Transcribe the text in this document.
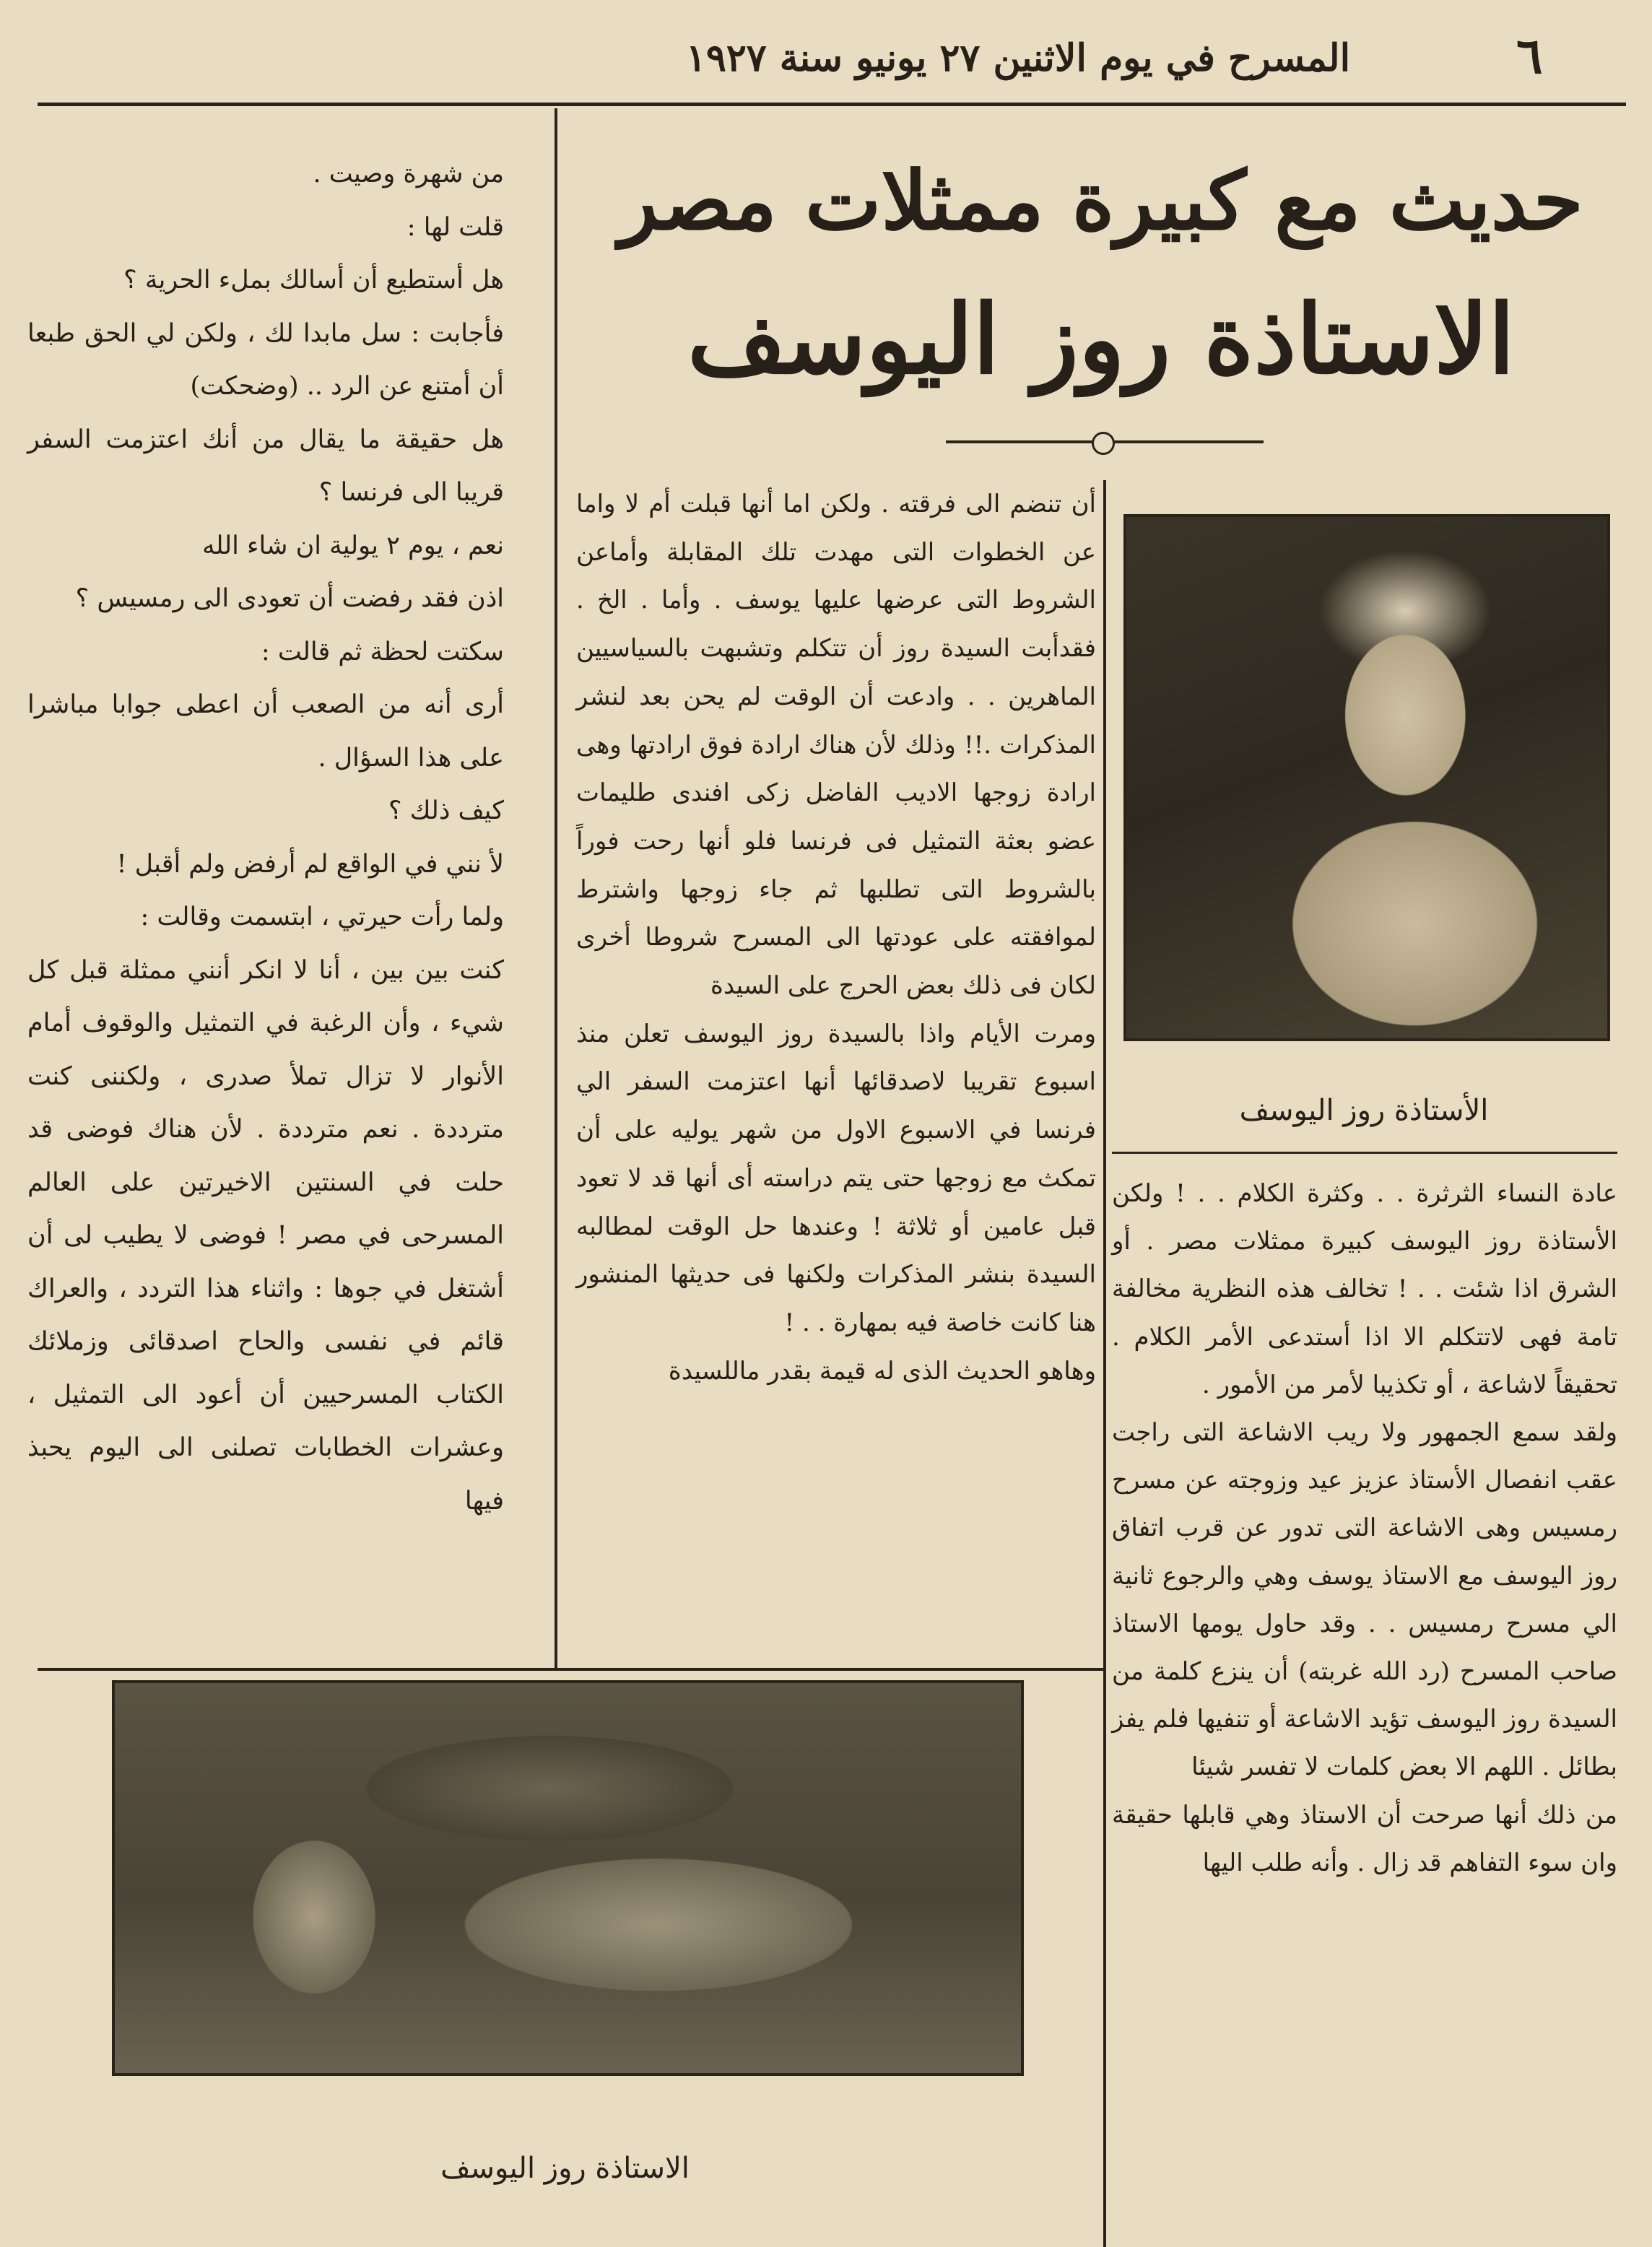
٦
المسرح في يوم الاثنين ٢٧ يونيو سنة ١٩٢٧
حديث مع كبيرة ممثلات مصر
الاستاذة روز اليوسف
الأستاذة روز اليوسف

من شهرة وصيت .

قلت لها :

هل أستطيع أن أسالك بملء الحرية ؟

فأجابت : سل مابدا لك ، ولكن لي الحق طبعا أن أمتنع عن الرد .. (وضحكت)

هل حقيقة ما يقال من أنك اعتزمت السفر قريبا الى فرنسا ؟

نعم ، يوم ٢ يولية ان شاء الله

اذن فقد رفضت أن تعودى الى رمسيس ؟

سكتت لحظة ثم قالت :

أرى أنه من الصعب أن اعطى جوابا مباشرا على هذا السؤال .

كيف ذلك ؟

لأ نني في الواقع لم أرفض ولم أقبل !

ولما رأت حيرتي ، ابتسمت وقالت :

كنت بين بين ، أنا لا انكر أنني ممثلة قبل كل شيء ، وأن الرغبة في التمثيل والوقوف أمام الأنوار لا تزال تملأ صدرى ، ولكننى كنت مترددة . نعم مترددة . لأن هناك فوضى قد حلت في السنتين الاخيرتين على العالم المسرحى في مصر ! فوضى لا يطيب لى أن أشتغل في جوها : واثناء هذا التردد ، والعراك قائم في نفسى والحاح اصدقائى وزملائك الكتاب المسرحيين أن أعود الى التمثيل ، وعشرات الخطابات تصلنى الى اليوم يحبذ فيها

أن تنضم الى فرقته . ولكن اما أنها قبلت أم لا واما عن الخطوات التى مهدت تلك المقابلة وأماعن الشروط التى عرضها عليها يوسف . وأما . الخ . فقدأبت السيدة روز أن تتكلم وتشبهت بالسياسيين الماهرين . . وادعت أن الوقت لم يحن بعد لنشر المذكرات .!! وذلك لأن هناك ارادة فوق ارادتها وهى ارادة زوجها الاديب الفاضل زكى افندى طليمات عضو بعثة التمثيل فى فرنسا فلو أنها رحت فوراً بالشروط التى تطلبها ثم جاء زوجها واشترط لموافقته على عودتها الى المسرح شروطا أخرى لكان فى ذلك بعض الحرج على السيدة

ومرت الأيام واذا بالسيدة روز اليوسف تعلن منذ اسبوع تقريبا لاصدقائها أنها اعتزمت السفر الي فرنسا في الاسبوع الاول من شهر يوليه على أن تمكث مع زوجها حتى يتم دراسته أى أنها قد لا تعود قبل عامين أو ثلاثة ! وعندها حل الوقت لمطالبه السيدة بنشر المذكرات ولكنها فى حديثها المنشور هنا كانت خاصة فيه بمهارة . . !

وهاهو الحديث الذى له قيمة بقدر ماللسيدة

عادة النساء الثرثرة . . وكثرة الكلام . . ! ولكن الأستاذة روز اليوسف كبيرة ممثلات مصر . أو الشرق اذا شئت . . ! تخالف هذه النظرية مخالفة تامة فهى لاتتكلم الا اذا أستدعى الأمر الكلام . تحقيقاً لاشاعة ، أو تكذيبا لأمر من الأمور .

ولقد سمع الجمهور ولا ريب الاشاعة التى راجت عقب انفصال الأستاذ عزيز عيد وزوجته عن مسرح رمسيس وهى الاشاعة التى تدور عن قرب اتفاق روز اليوسف مع الاستاذ يوسف وهي والرجوع ثانية الي مسرح رمسيس . . وقد حاول يومها الاستاذ صاحب المسرح (رد الله غربته) أن ينزع كلمة من السيدة روز اليوسف تؤيد الاشاعة أو تنفيها فلم يفز بطائل . اللهم الا بعض كلمات لا تفسر شيئا

من ذلك أنها صرحت أن الاستاذ وهي قابلها حقيقة وان سوء التفاهم قد زال . وأنه طلب اليها

الاستاذة روز اليوسف
